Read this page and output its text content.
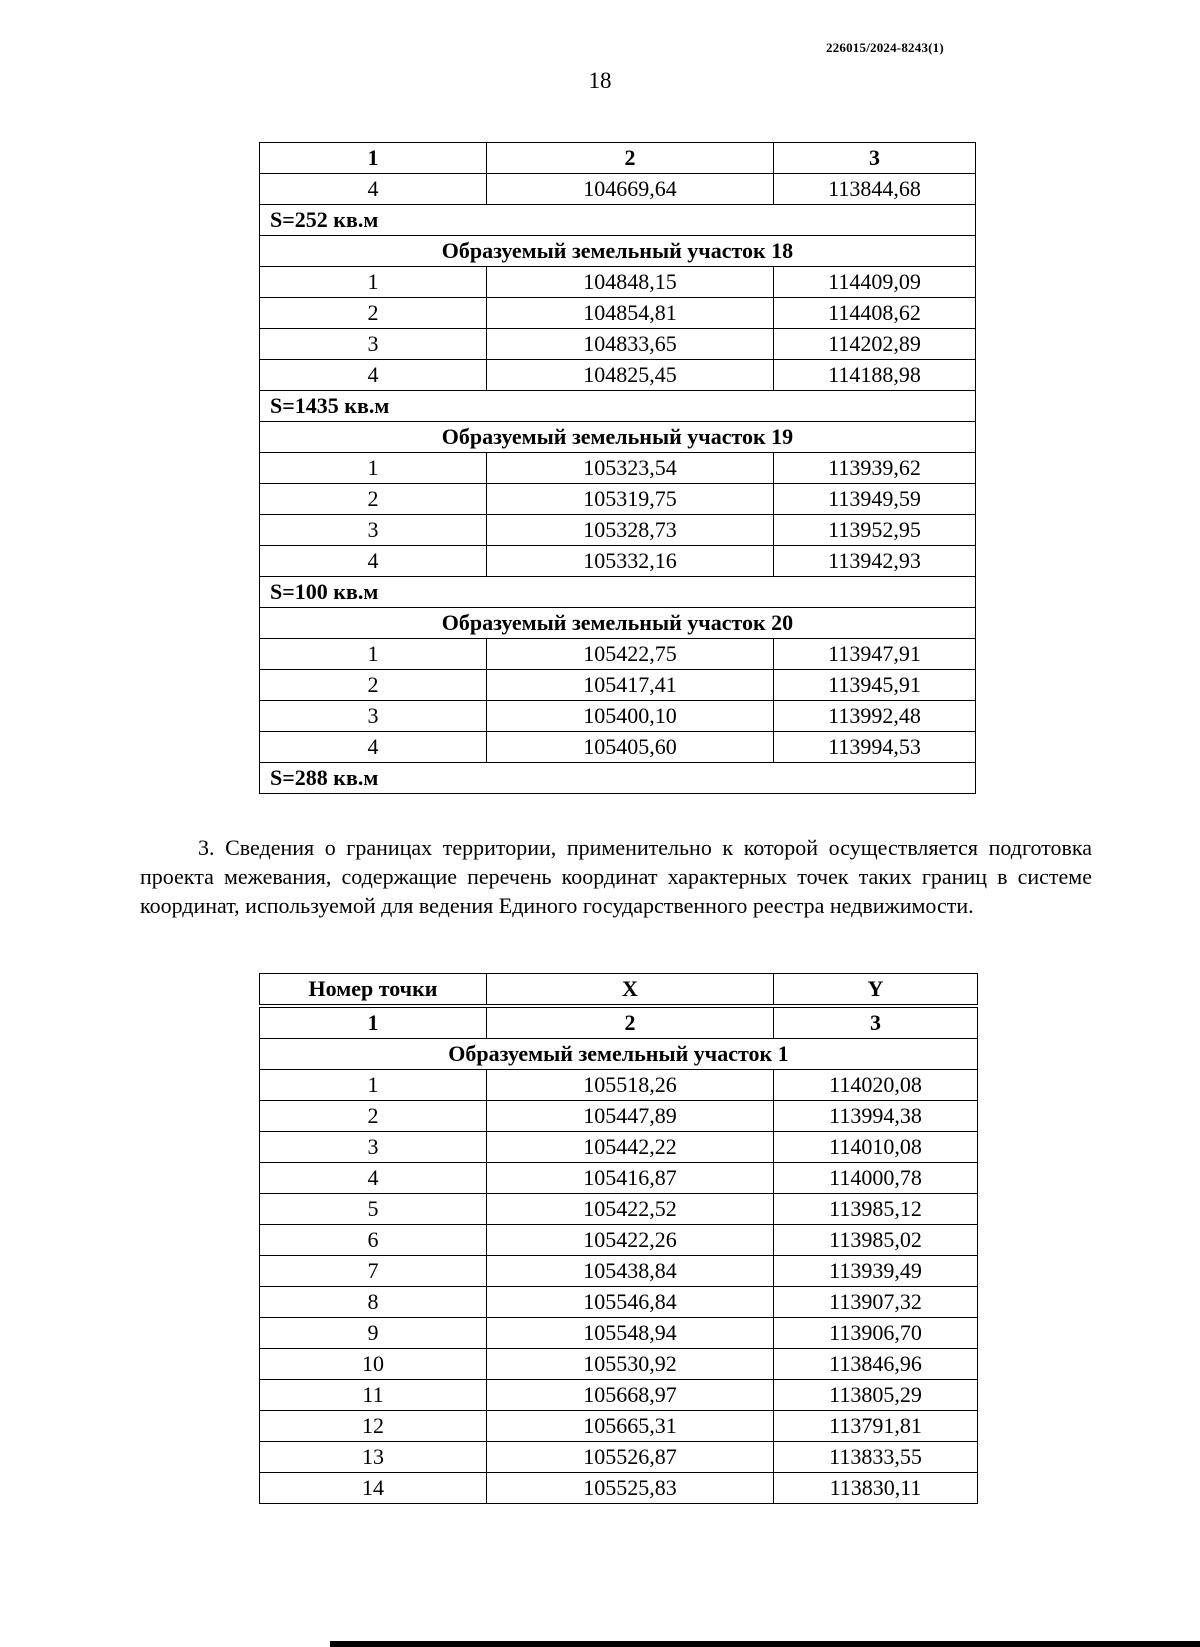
226015/2024-8243(1)
18
1	2	3
4	104669,64	113844,68
S=252 кв.м		
Образуемый земельный участок 18		
1	104848,15	114409,09
2	104854,81	114408,62
3	104833,65	114202,89
4	104825,45	114188,98
S=1435 кв.м		
Образуемый земельный участок 19		
1	105323,54	113939,62
2	105319,75	113949,59
3	105328,73	113952,95
4	105332,16	113942,93
S=100 кв.м		
Образуемый земельный участок 20		
1	105422,75	113947,91
2	105417,41	113945,91
3	105400,10	113992,48
4	105405,60	113994,53
S=288 кв.м		

3. Сведения о границах территории, применительно к которой осуществляется подготовка проекта межевания, содержащие перечень координат характерных точек таких границ в системе координат, используемой для ведения Единого государственного реестра недвижимости.

Номер точки	X	Y
1	2	3
Образуемый земельный участок 1		
1	105518,26	114020,08
2	105447,89	113994,38
3	105442,22	114010,08
4	105416,87	114000,78
5	105422,52	113985,12
6	105422,26	113985,02
7	105438,84	113939,49
8	105546,84	113907,32
9	105548,94	113906,70
10	105530,92	113846,96
11	105668,97	113805,29
12	105665,31	113791,81
13	105526,87	113833,55
14	105525,83	113830,11
